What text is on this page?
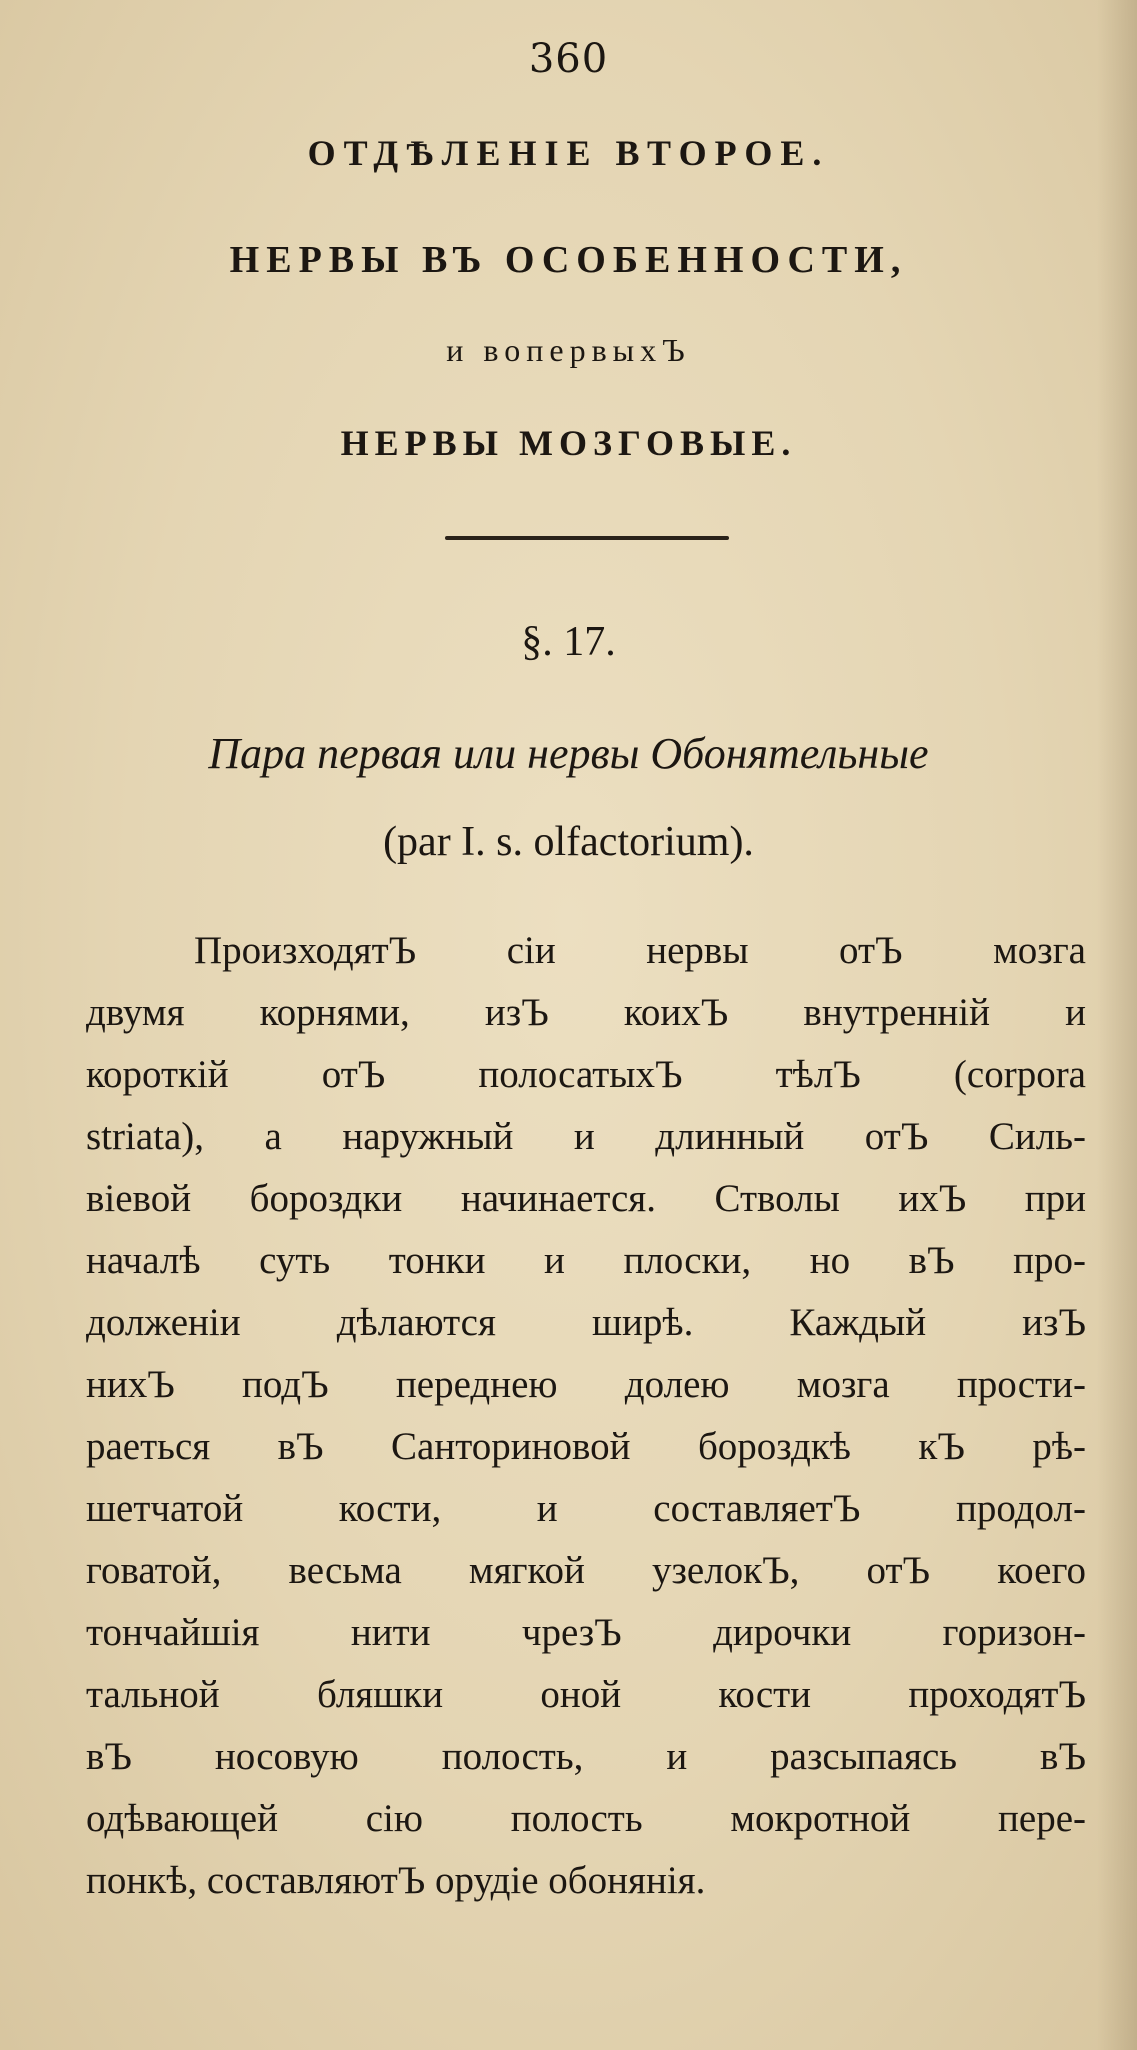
360
ОТДѢЛЕНІЕ ВТОРОЕ.
НЕРВЫ ВЪ ОСОБЕННОСТИ,
и вопервыхЪ
НЕРВЫ МОЗГОВЫЕ.
§. 17.
Пара первая или нервы Обонятельные
(par I. s. olfactorium).
ПроизходятЪ сіи нервы отЪ мозга
двумя корнями, изЪ коихЪ внутренній и
короткій отЪ полосатыхЪ тѣлЪ (corpora
striata), а наружный и длинный отЪ Силь-
віевой бороздки начинается. Стволы ихЪ при
началѣ суть тонки и плоски, но вЪ про-
долженіи дѣлаются ширѣ. Каждый изЪ
нихЪ подЪ переднею долею мозга прости-
раеться вЪ Санториновой бороздкѣ кЪ рѣ-
шетчатой кости, и составляетЪ продол-
говатой, весьма мягкой узелокЪ, отЪ коего
тончайшія нити чрезЪ дирочки горизон-
тальной бляшки оной кости проходятЪ
вЪ носовую полость, и разсыпаясь вЪ
одѣвающей сію полость мокротной пере-
понкѣ, составляютЪ орудіе обонянія.
